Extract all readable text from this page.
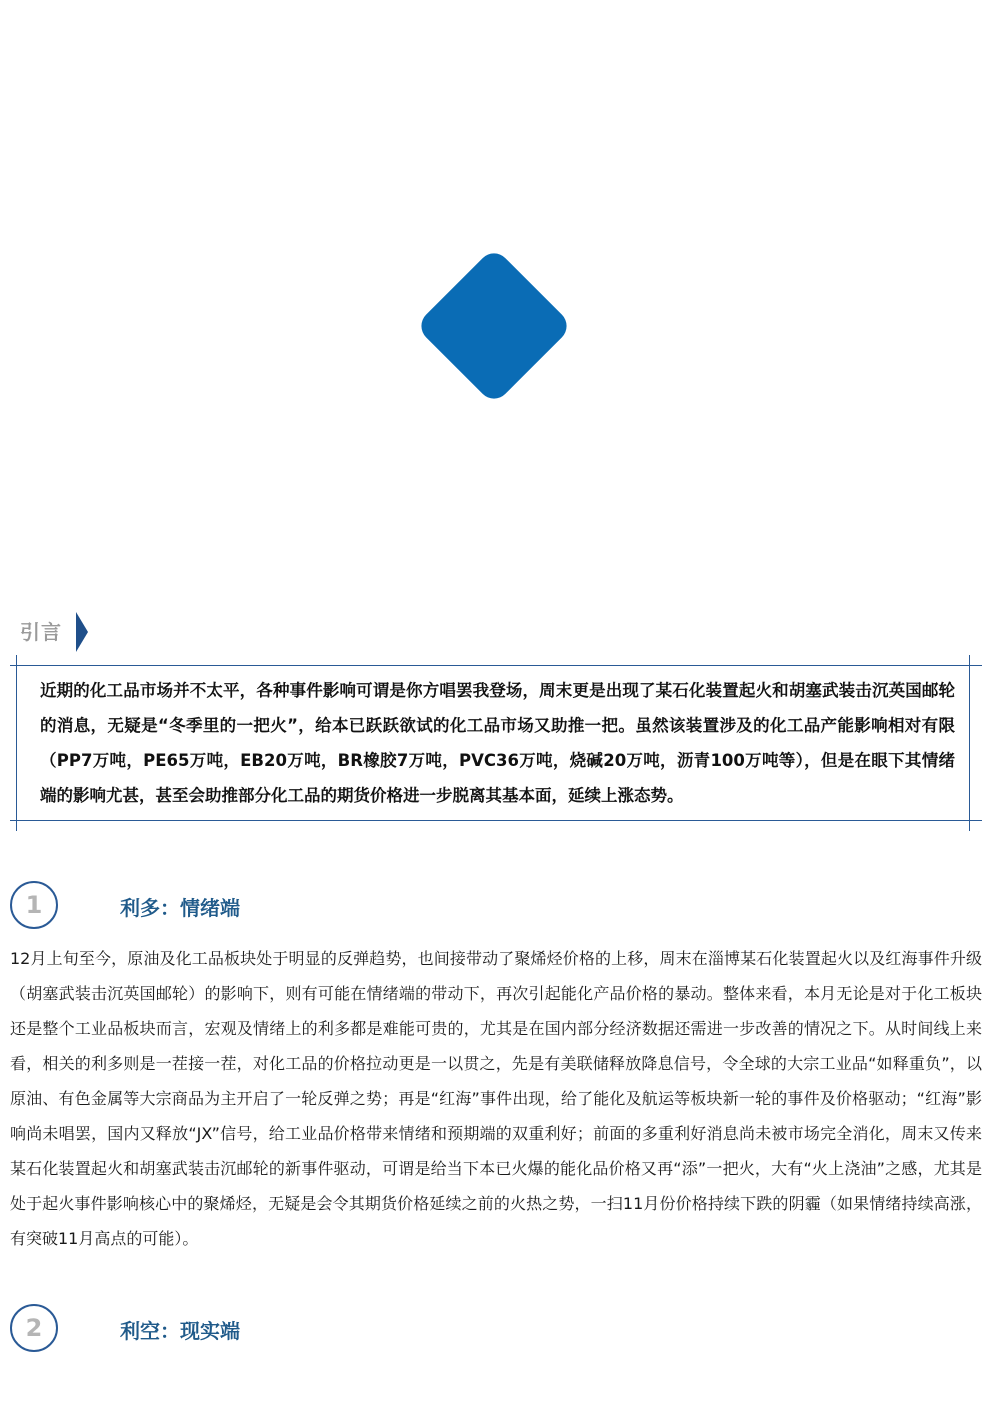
引言
近期的化工品市场并不太平，各种事件影响可谓是你方唱罢我登场，周末更是出现了某石化装置起火和胡塞武装击沉英国邮轮的消息，无疑是“冬季里的一把火”，给本已跃跃欲试的化工品市场又助推一把。虽然该装置涉及的化工品产能影响相对有限（PP7万吨，PE65万吨，EB20万吨，BR橡胶7万吨，PVC36万吨，烧碱20万吨，沥青100万吨等），但是在眼下其情绪端的影响尤甚，甚至会助推部分化工品的期货价格进一步脱离其基本面，延续上涨态势。
1	利多：情绪端
12月上旬至今，原油及化工品板块处于明显的反弹趋势，也间接带动了聚烯烃价格的上移，周末在淄博某石化装置起火以及红海事件升级（胡塞武装击沉英国邮轮）的影响下，则有可能在情绪端的带动下，再次引起能化产品价格的暴动。整体来看，本月无论是对于化工板块还是整个工业品板块而言，宏观及情绪上的利多都是难能可贵的，尤其是在国内部分经济数据还需进一步改善的情况之下。从时间线上来看，相关的利多则是一茬接一茬，对化工品的价格拉动更是一以贯之，先是有美联储释放降息信号，令全球的大宗工业品“如释重负”，以原油、有色金属等大宗商品为主开启了一轮反弹之势；再是“红海”事件出现，给了能化及航运等板块新一轮的事件及价格驱动；“红海”影响尚未唱罢，国内又释放“JX”信号，给工业品价格带来情绪和预期端的双重利好；前面的多重利好消息尚未被市场完全消化，周末又传来某石化装置起火和胡塞武装击沉邮轮的新事件驱动，可谓是给当下本已火爆的能化品价格又再“添”一把火，大有“火上浇油”之感，尤其是处于起火事件影响核心中的聚烯烃，无疑是会令其期货价格延续之前的火热之势，一扫11月份价格持续下跌的阴霾（如果情绪持续高涨，有突破11月高点的可能）。
2	利空：现实端
